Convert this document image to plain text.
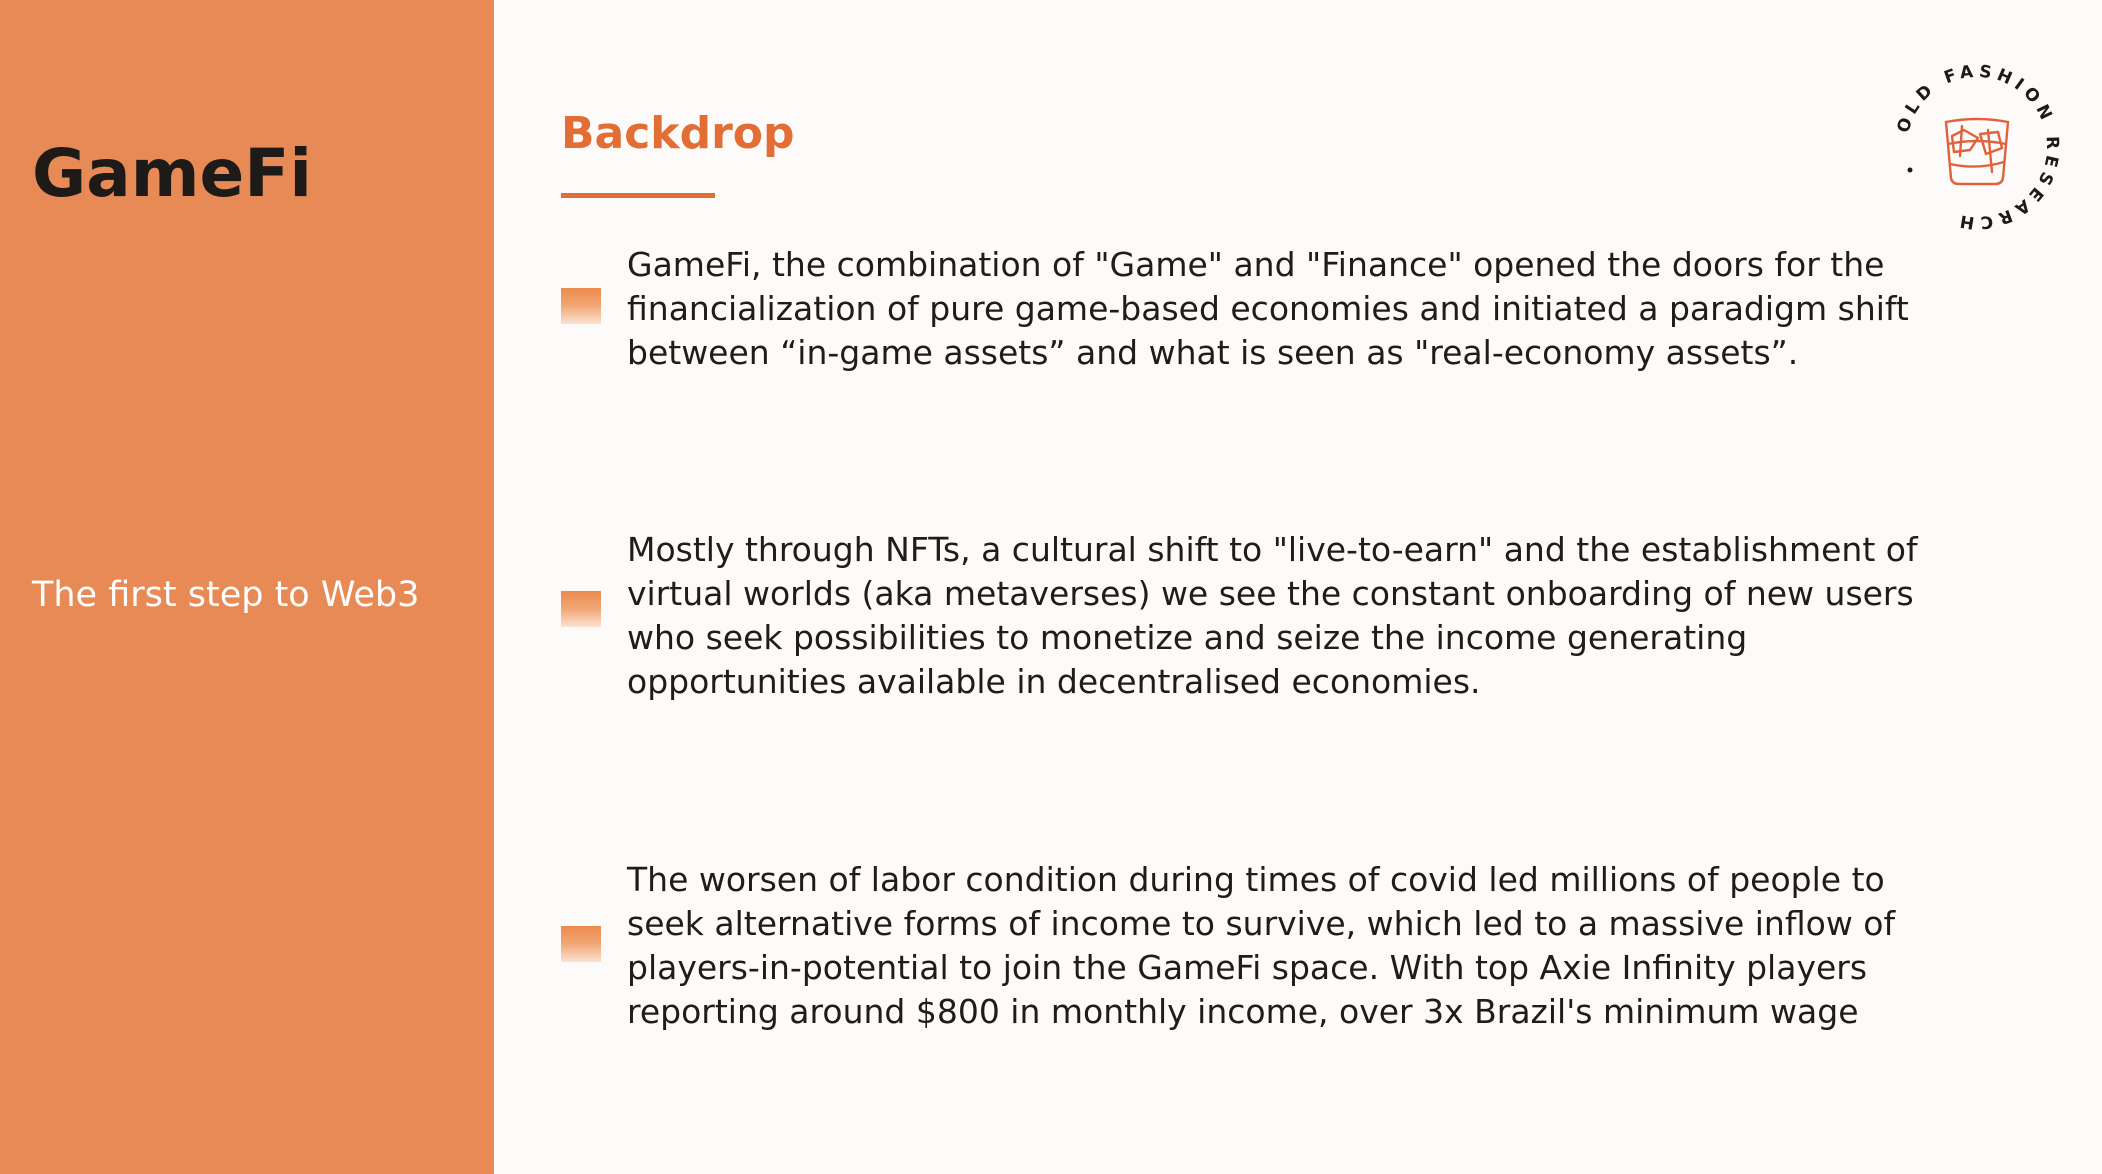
GameFi

The first step to Web3

Backdrop

GameFi, the combination of "Game" and "Finance" opened the doors for the financialization of pure game-based economies and initiated a paradigm shift between “in-game assets” and what is seen as "real-economy assets”.

Mostly through NFTs, a cultural shift to "live-to-earn" and the establishment of virtual worlds (aka metaverses) we see the constant onboarding of new users who seek possibilities to monetize and seize the income generating opportunities available in decentralised economies.

The worsen of labor condition during times of covid led millions of people to seek alternative forms of income to survive, which led to a massive inflow of players-in-potential to join the GameFi space. With top Axie Infinity players reporting around $800 in monthly income, over 3x Brazil's minimum wage

OLD FASHION RESEARCH
